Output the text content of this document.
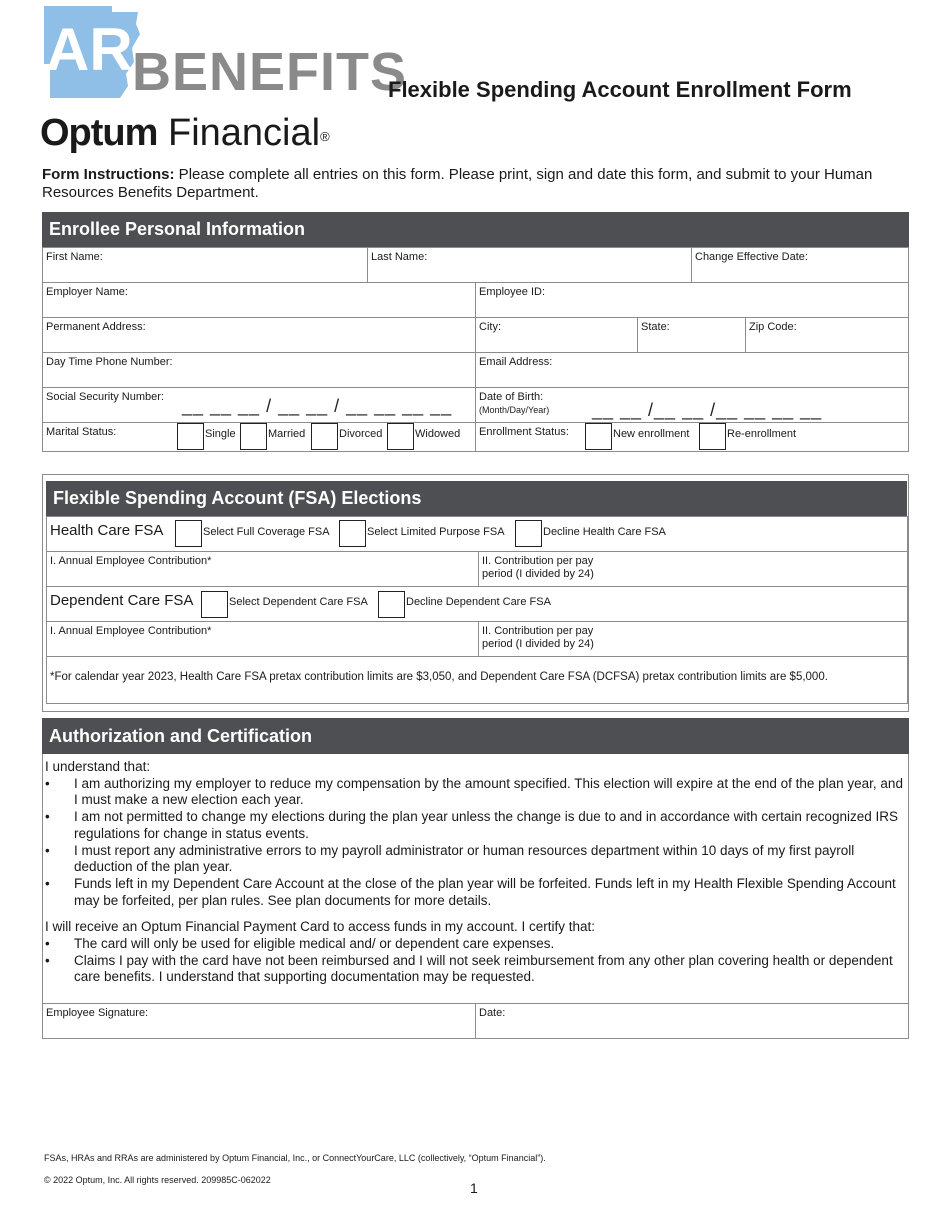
AR BENEFITS
Optum Financial®
Flexible Spending Account Enrollment Form
Form Instructions: Please complete all entries on this form. Please print, sign and date this form, and submit to your Human Resources Benefits Department.
Enrollee Personal Information
First Name:	Last Name:	Change Effective Date:
Employer Name:	Employee ID:
Permanent Address:	City:	State:	Zip Code:
Day Time Phone Number:	Email Address:
Social Security Number:	__ __ __ / __ __ / __ __ __ __	Date of Birth:
(Month/Day/Year)	__ __ /__ __ /__ __ __ __
Marital Status:	Single	Married	Divorced	Widowed	Enrollment Status:	New enrollment	Re-enrollment
Flexible Spending Account (FSA) Elections
Health Care FSA	Select Full Coverage FSA	Select Limited Purpose FSA	Decline Health Care FSA
I. Annual Employee Contribution*	II. Contribution per pay
period (I divided by 24)
Dependent Care FSA	Select Dependent Care FSA	Decline Dependent Care FSA
I. Annual Employee Contribution*	II. Contribution per pay
period (I divided by 24)
*For calendar year 2023, Health Care FSA pretax contribution limits are $3,050, and Dependent Care FSA (DCFSA) pretax contribution limits are $5,000.
Authorization and Certification

I understand that:

• I am authorizing my employer to reduce my compensation by the amount specified. This election will expire at the end of the plan year, and I must make a new election each year.
• I am not permitted to change my elections during the plan year unless the change is due to and in accordance with certain recognized IRS regulations for change in status events.
• I must report any administrative errors to my payroll administrator or human resources department within 10 days of my first payroll deduction of the plan year.
• Funds left in my Dependent Care Account at the close of the plan year will be forfeited. Funds left in my Health Flexible Spending Account may be forfeited, per plan rules. See plan documents for more details.

I will receive an Optum Financial Payment Card to access funds in my account. I certify that:

• The card will only be used for eligible medical and/ or dependent care expenses.
• Claims I pay with the card have not been reimbursed and I will not seek reimbursement from any other plan covering health or dependent care benefits. I understand that supporting documentation may be requested.
Employee Signature:	Date:
FSAs, HRAs and RRAs are administered by Optum Financial, Inc., or ConnectYourCare, LLC (collectively, “Optum Financial”).
© 2022 Optum, Inc. All rights reserved. 209985C-062022	1
